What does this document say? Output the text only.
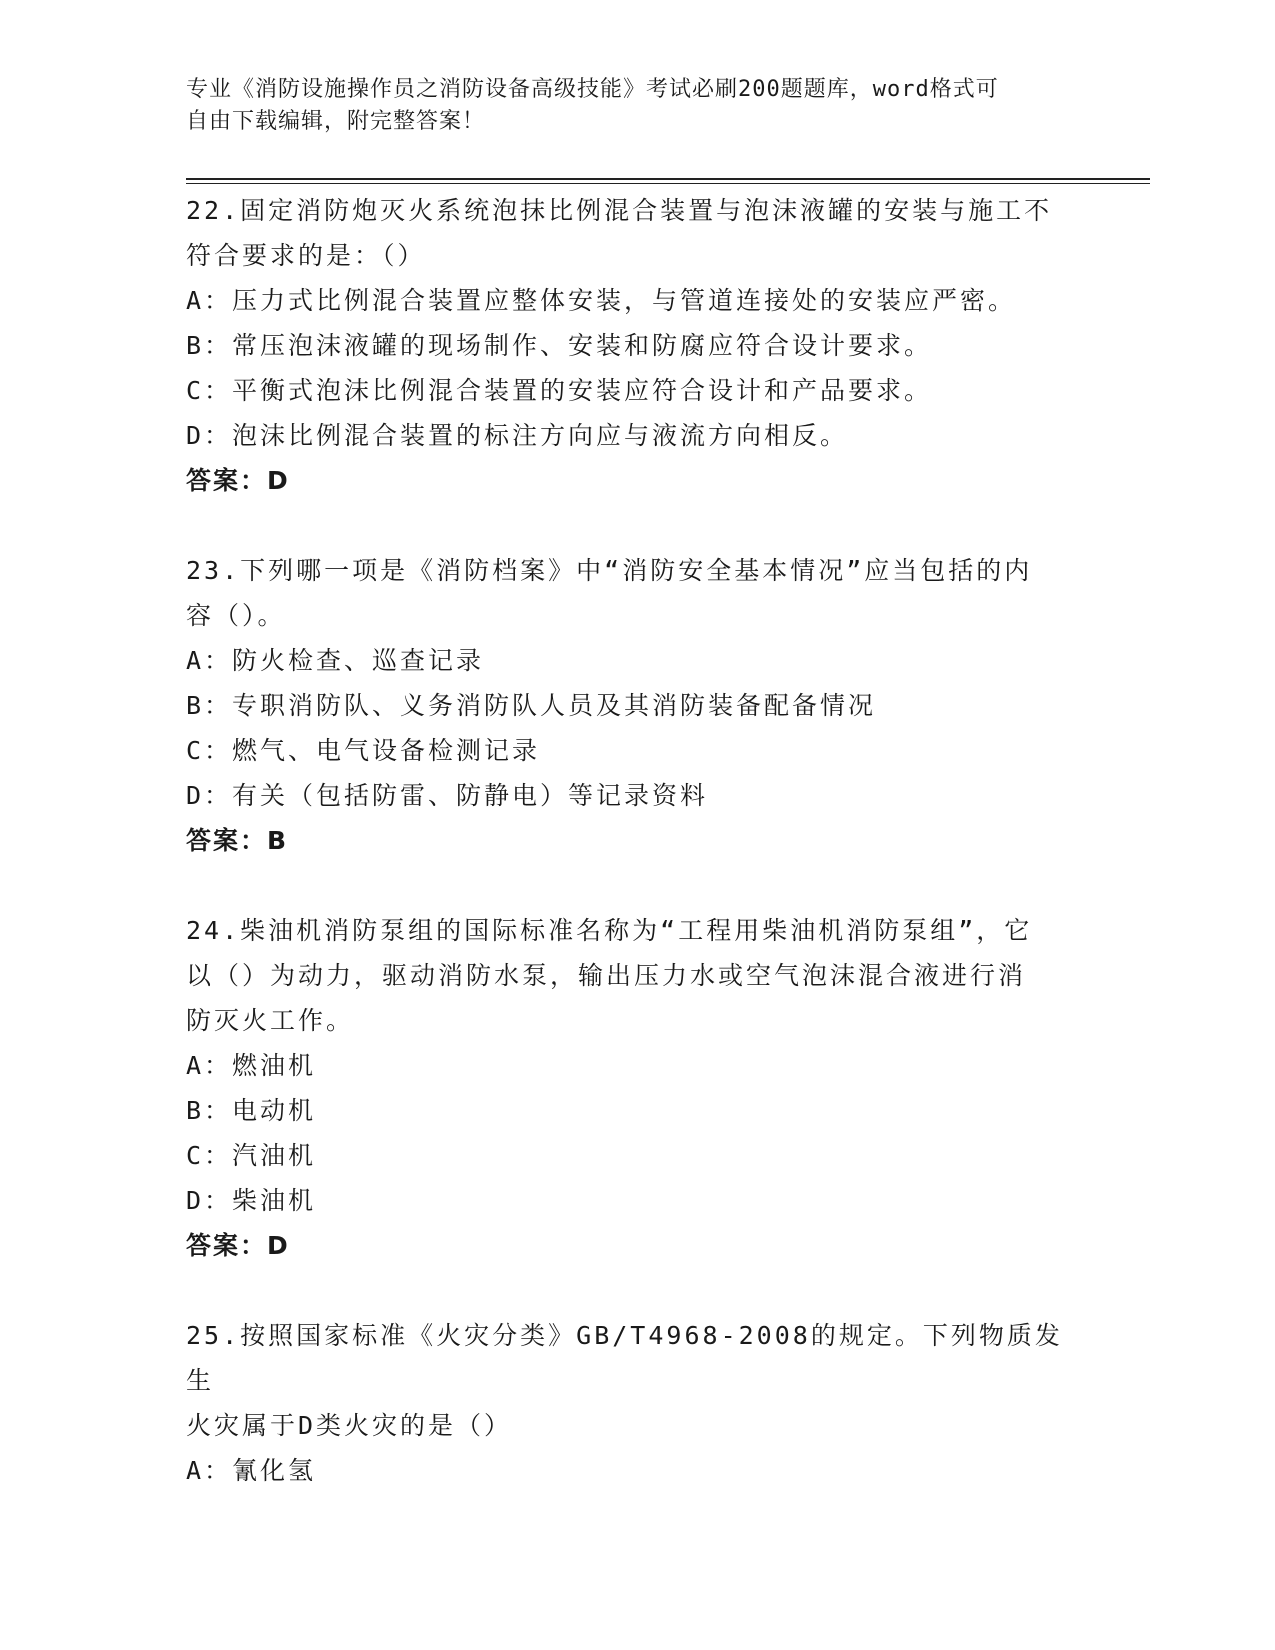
专业《消防设施操作员之消防设备高级技能》考试必刷200题题库，word格式可
自由下载编辑，附完整答案！
22.固定消防炮灭火系统泡抹比例混合装置与泡沫液罐的安装与施工不
符合要求的是：（）
A：压力式比例混合装置应整体安装，与管道连接处的安装应严密。
B：常压泡沫液罐的现场制作、安装和防腐应符合设计要求。
C：平衡式泡沫比例混合装置的安装应符合设计和产品要求。
D：泡沫比例混合装置的标注方向应与液流方向相反。
答案：D
23.下列哪一项是《消防档案》中“消防安全基本情况”应当包括的内
容（）。
A：防火检查、巡查记录
B：专职消防队、义务消防队人员及其消防装备配备情况
C：燃气、电气设备检测记录
D：有关（包括防雷、防静电）等记录资料
答案：B
24.柴油机消防泵组的国际标准名称为“工程用柴油机消防泵组”，它
以（）为动力，驱动消防水泵，输出压力水或空气泡沫混合液进行消
防灭火工作。
A：燃油机
B：电动机
C：汽油机
D：柴油机
答案：D
25.按照国家标准《火灾分类》GB/T4968-2008的规定。下列物质发生
火灾属于D类火灾的是（）
A：氰化氢
